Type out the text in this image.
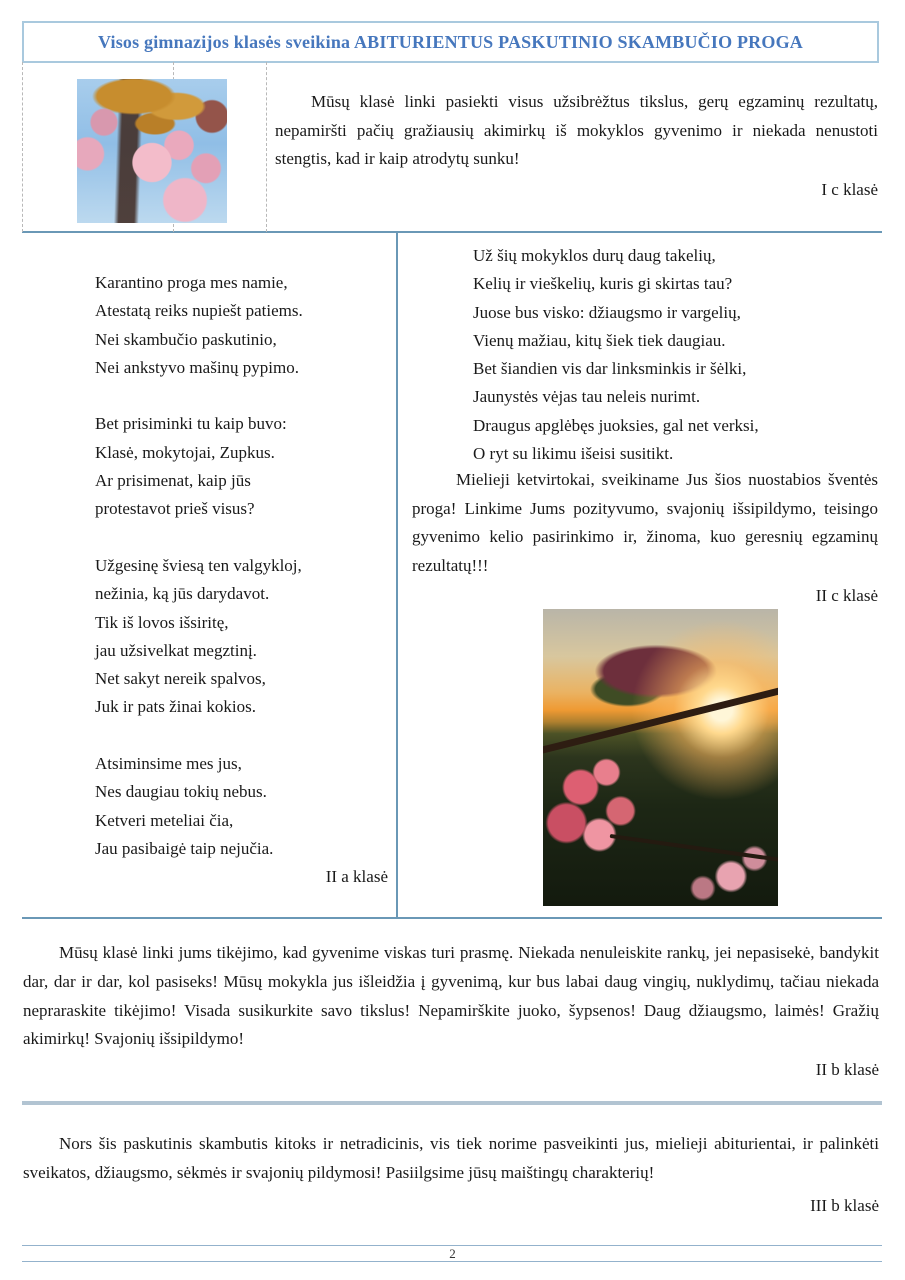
Visos gimnazijos klasės sveikina ABITURIENTUS PASKUTINIO SKAMBUČIO PROGA
Mūsų klasė linki pasiekti visus užsibrėžtus tikslus, gerų egzaminų rezultatų, nepamiršti pačių gražiausių akimirkų iš mokyklos gyvenimo ir niekada nenustoti stengtis, kad ir kaip atrodytų sunku!
I c klasė
Karantino proga mes namie,
Atestatą reiks nupiešt patiems.
Nei skambučio paskutinio,
Nei ankstyvo mašinų pypimo.

Bet prisiminki tu kaip buvo:
Klasė, mokytojai, Zupkus.
Ar prisimenat, kaip jūs
protestavot prieš visus?

Užgesinę šviesą ten valgykloj,
nežinia, ką jūs darydavot.
Tik iš lovos išsiritę,
jau užsivelkat megztinį.
Net sakyt nereik spalvos,
Juk ir pats žinai kokios.

Atsiminsime mes jus,
Nes daugiau tokių nebus.
Ketveri meteliai čia,
Jau pasibaigė taip nejučia.
II a klasė
Už šių mokyklos durų daug takelių,
Kelių ir vieškelių, kuris gi skirtas tau?
Juose bus visko: džiaugsmo ir vargelių,
Vienų mažiau, kitų šiek tiek daugiau.
Bet šiandien vis dar linksminkis ir šėlki,
Jaunystės vėjas tau neleis nurimt.
Draugus apglėbęs juoksies, gal net verksi,
O ryt su likimu išeisi susitikt.
Mielieji ketvirtokai, sveikiname Jus šios nuostabios šventės proga! Linkime Jums pozityvumo, svajonių išsipildymo, teisingo gyvenimo kelio pasirinkimo ir, žinoma, kuo geresnių egzaminų rezultatų!!!
II c klasė
Mūsų klasė linki jums tikėjimo, kad gyvenime viskas turi prasmę. Niekada nenuleiskite rankų, jei nepasisekė, bandykit dar, dar ir dar, kol pasiseks! Mūsų mokykla jus išleidžia į gyvenimą, kur bus labai daug vingių, nuklydimų, tačiau niekada nepraraskite tikėjimo! Visada susikurkite savo tikslus! Nepamirškite juoko, šypsenos! Daug džiaugsmo, laimės! Gražių akimirkų! Svajonių išsipildymo!
II b klasė
Nors šis paskutinis skambutis kitoks ir netradicinis, vis tiek norime pasveikinti jus, mielieji abiturientai, ir palinkėti sveikatos, džiaugsmo, sėkmės ir svajonių pildymosi! Pasiilgsime jūsų maištingų charakterių!
III b klasė
2
